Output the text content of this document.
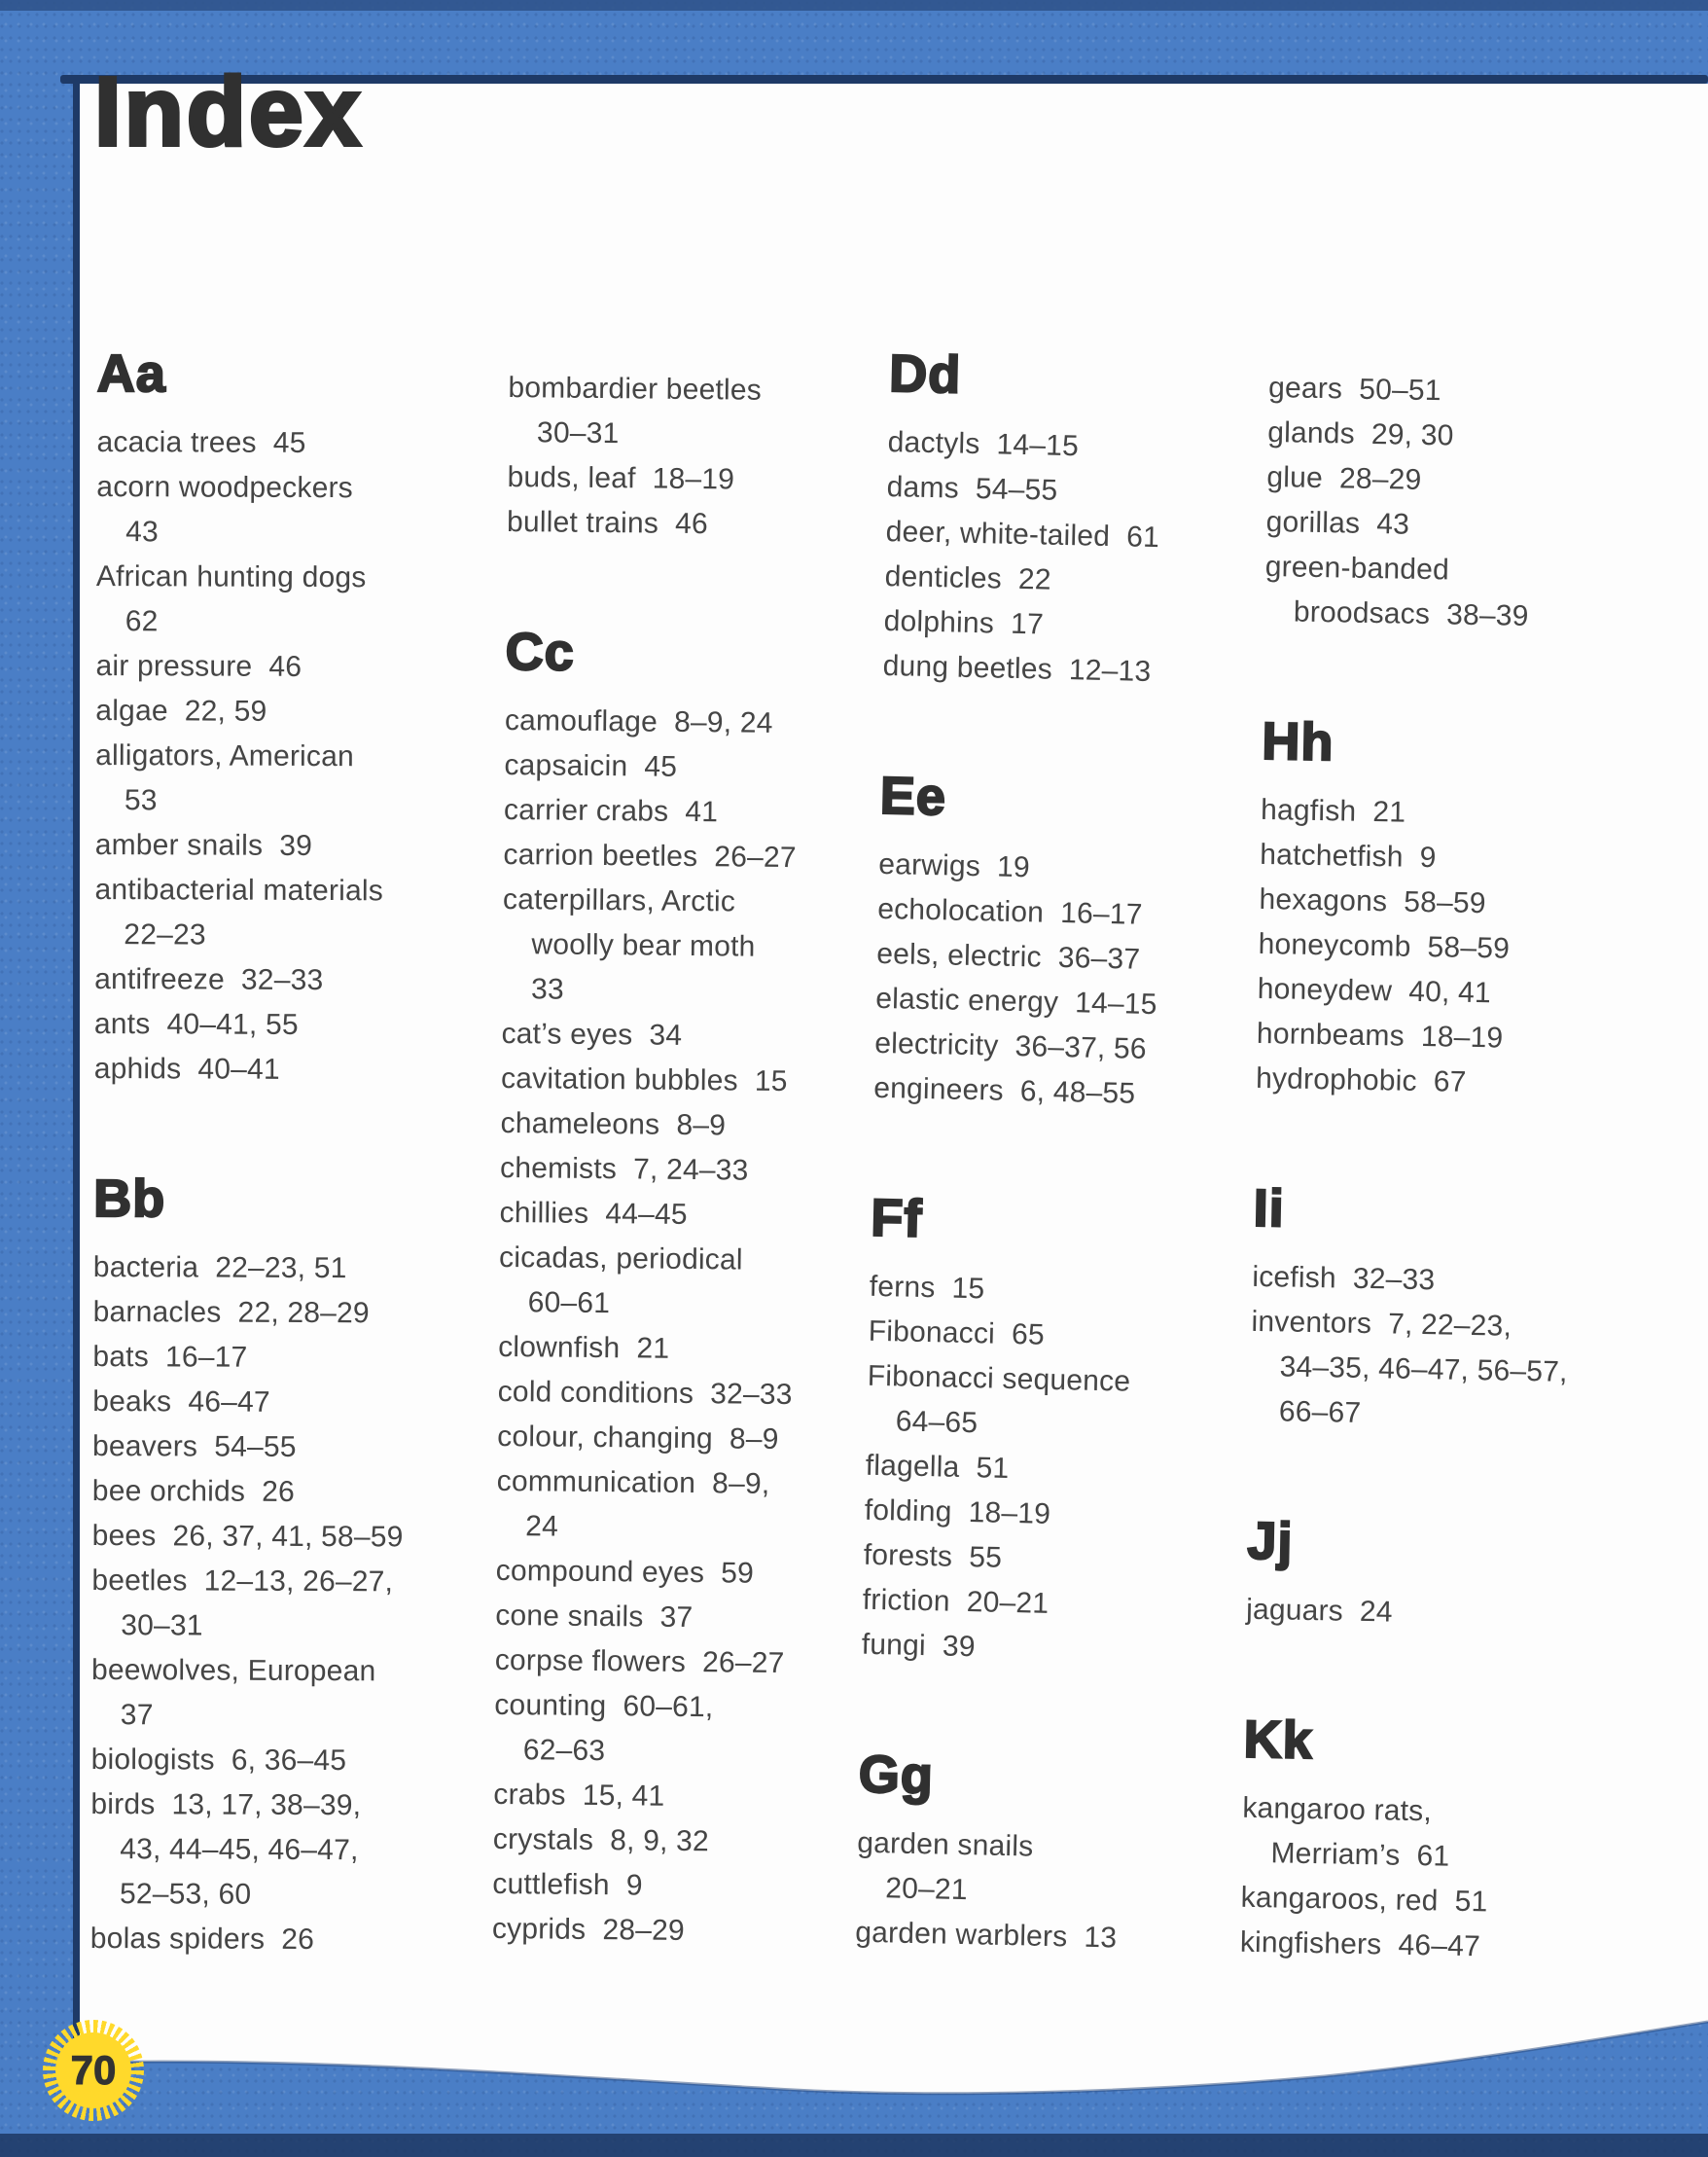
Index
Aa

acacia trees  45

acorn woodpeckers
43

African hunting dogs
62

air pressure  46

algae  22, 59

alligators, American
53

amber snails  39

antibacterial materials
22–23

antifreeze  32–33

ants  40–41, 55

aphids  40–41

Bb

bacteria  22–23, 51

barnacles  22, 28–29

bats  16–17

beaks  46–47

beavers  54–55

bee orchids  26

bees  26, 37, 41, 58–59

beetles  12–13, 26–27,
30–31

beewolves, European
37

biologists  6, 36–45

birds  13, 17, 38–39,
43, 44–45, 46–47,
52–53, 60

bolas spiders  26

bombardier beetles
30–31

buds, leaf  18–19

bullet trains  46

Cc

camouflage  8–9, 24

capsaicin  45

carrier crabs  41

carrion beetles  26–27

caterpillars, Arctic
woolly bear moth
33

cat’s eyes  34

cavitation bubbles  15

chameleons  8–9

chemists  7, 24–33

chillies  44–45

cicadas, periodical
60–61

clownfish  21

cold conditions  32–33

colour, changing  8–9

communication  8–9,
24

compound eyes  59

cone snails  37

corpse flowers  26–27

counting  60–61,
62–63

crabs  15, 41

crystals  8, 9, 32

cuttlefish  9

cyprids  28–29

Dd

dactyls  14–15

dams  54–55

deer, white-tailed  61

denticles  22

dolphins  17

dung beetles  12–13

Ee

earwigs  19

echolocation  16–17

eels, electric  36–37

elastic energy  14–15

electricity  36–37, 56

engineers  6, 48–55

Ff

ferns  15

Fibonacci  65

Fibonacci sequence
64–65

flagella  51

folding  18–19

forests  55

friction  20–21

fungi  39

Gg

garden snails
20–21

garden warblers  13

gears  50–51

glands  29, 30

glue  28–29

gorillas  43

green-banded
broodsacs  38–39

Hh

hagfish  21

hatchetfish  9

hexagons  58–59

honeycomb  58–59

honeydew  40, 41

hornbeams  18–19

hydrophobic  67

Ii

icefish  32–33

inventors  7, 22–23,
34–35, 46–47, 56–57,
66–67

Jj

jaguars  24

Kk

kangaroo rats,
Merriam’s  61

kangaroos, red  51

kingfishers  46–47

70
